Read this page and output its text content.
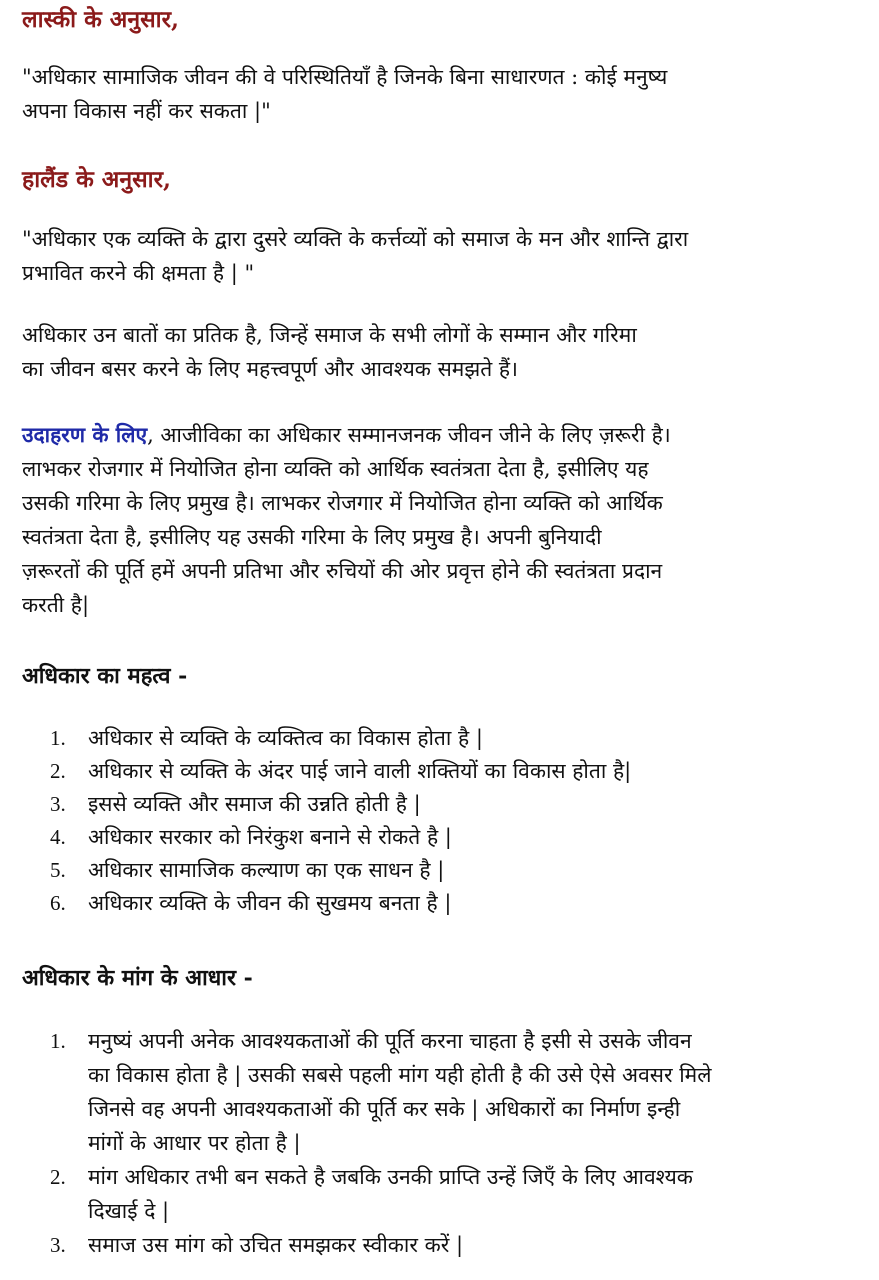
लास्की के अनुसार,

"अधिकार सामाजिक जीवन की वे परिस्थितियाँ है जिनके बिना साधारणत : कोई मनुष्य
अपना विकास नहीं कर सकता |"

हालैंड के अनुसार,

"अधिकार एक व्यक्ति के द्वारा दुसरे व्यक्ति के कर्त्तव्यों को समाज के मन और शान्ति द्वारा
प्रभावित करने की क्षमता है | "

अधिकार उन बातों का प्रतिक है, जिन्हें समाज के सभी लोगों के सम्मान और गरिमा
का जीवन बसर करने के लिए महत्त्वपूर्ण और आवश्यक समझते हैं।

उदाहरण के लिए, आजीविका का अधिकार सम्मानजनक जीवन जीने के लिए ज़रूरी है।
लाभकर रोजगार में नियोजित होना व्यक्ति को आर्थिक स्वतंत्रता देता है, इसीलिए यह
उसकी गरिमा के लिए प्रमुख है। लाभकर रोजगार में नियोजित होना व्यक्ति को आर्थिक
स्वतंत्रता देता है, इसीलिए यह उसकी गरिमा के लिए प्रमुख है। अपनी बुनियादी
ज़रूरतों की पूर्ति हमें अपनी प्रतिभा और रुचियों की ओर प्रवृत्त होने की स्वतंत्रता प्रदान
करती है|

अधिकार का महत्व -
1. अधिकार से व्यक्ति के व्यक्तित्व का विकास होता है |
2. अधिकार से व्यक्ति के अंदर पाई जाने वाली शक्तियों का विकास होता है|
3. इससे व्यक्ति और समाज की उन्नति होती है |
4. अधिकार सरकार को निरंकुश बनाने से रोकते है |
5. अधिकार सामाजिक कल्याण का एक साधन है |
6. अधिकार व्यक्ति के जीवन की सुखमय बनता है |
अधिकार के मांग के आधार -
1. मनुष्यं अपनी अनेक आवश्यकताओं की पूर्ति करना चाहता है इसी से उसके जीवन
का विकास होता है | उसकी सबसे पहली मांग यही होती है की उसे ऐसे अवसर मिले
जिनसे वह अपनी आवश्यकताओं की पूर्ति कर सके | अधिकारों का निर्माण इन्ही
मांगों के आधार पर होता है |
2. मांग अधिकार तभी बन सकते है जबकि उनकी प्राप्ति उन्हें जिएँ के लिए आवश्यक
दिखाई दे |
3. समाज उस मांग को उचित समझकर स्वीकार करें |
